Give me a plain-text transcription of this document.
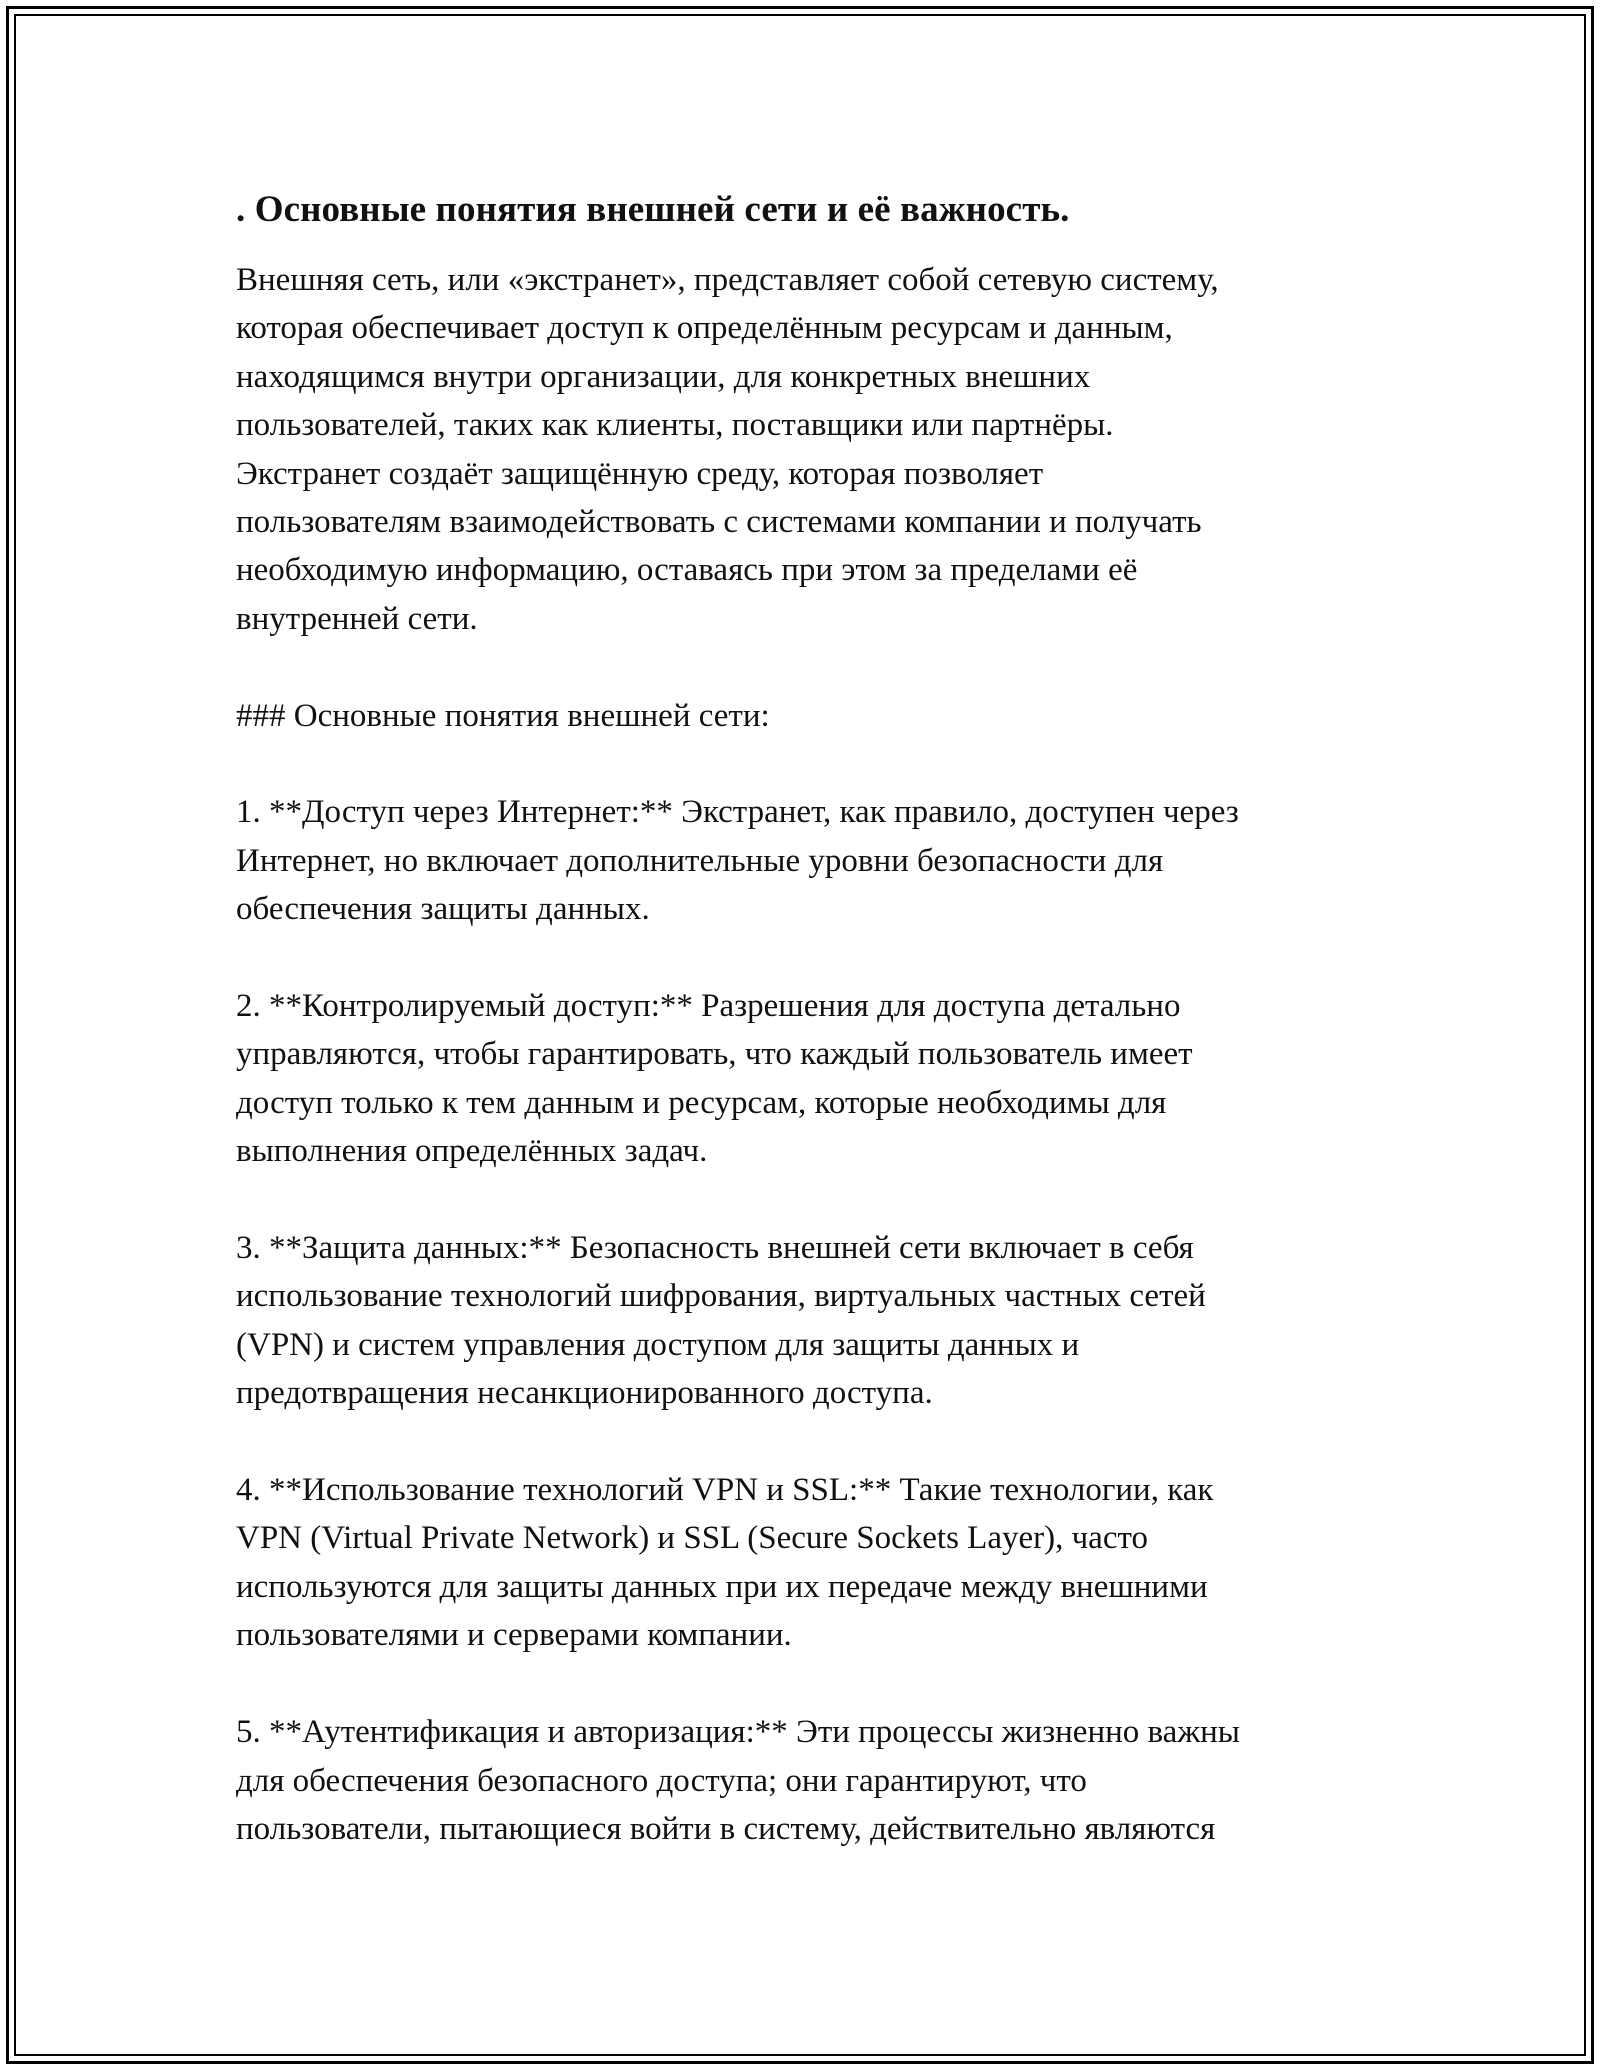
. Основные понятия внешней сети и её важность.

Внешняя сеть, или «экстранет», представляет собой сетевую систему,
которая обеспечивает доступ к определённым ресурсам и данным,
находящимся внутри организации, для конкретных внешних
пользователей, таких как клиенты, поставщики или партнёры.
Экстранет создаёт защищённую среду, которая позволяет
пользователям взаимодействовать с системами компании и получать
необходимую информацию, оставаясь при этом за пределами её
внутренней сети.

### Основные понятия внешней сети:

1. **Доступ через Интернет:** Экстранет, как правило, доступен через
Интернет, но включает дополнительные уровни безопасности для
обеспечения защиты данных.

2. **Контролируемый доступ:** Разрешения для доступа детально
управляются, чтобы гарантировать, что каждый пользователь имеет
доступ только к тем данным и ресурсам, которые необходимы для
выполнения определённых задач.

3. **Защита данных:** Безопасность внешней сети включает в себя
использование технологий шифрования, виртуальных частных сетей
(VPN) и систем управления доступом для защиты данных и
предотвращения несанкционированного доступа.

4. **Использование технологий VPN и SSL:** Такие технологии, как
VPN (Virtual Private Network) и SSL (Secure Sockets Layer), часто
используются для защиты данных при их передаче между внешними
пользователями и серверами компании.

5. **Аутентификация и авторизация:** Эти процессы жизненно важны
для обеспечения безопасного доступа; они гарантируют, что
пользователи, пытающиеся войти в систему, действительно являются
